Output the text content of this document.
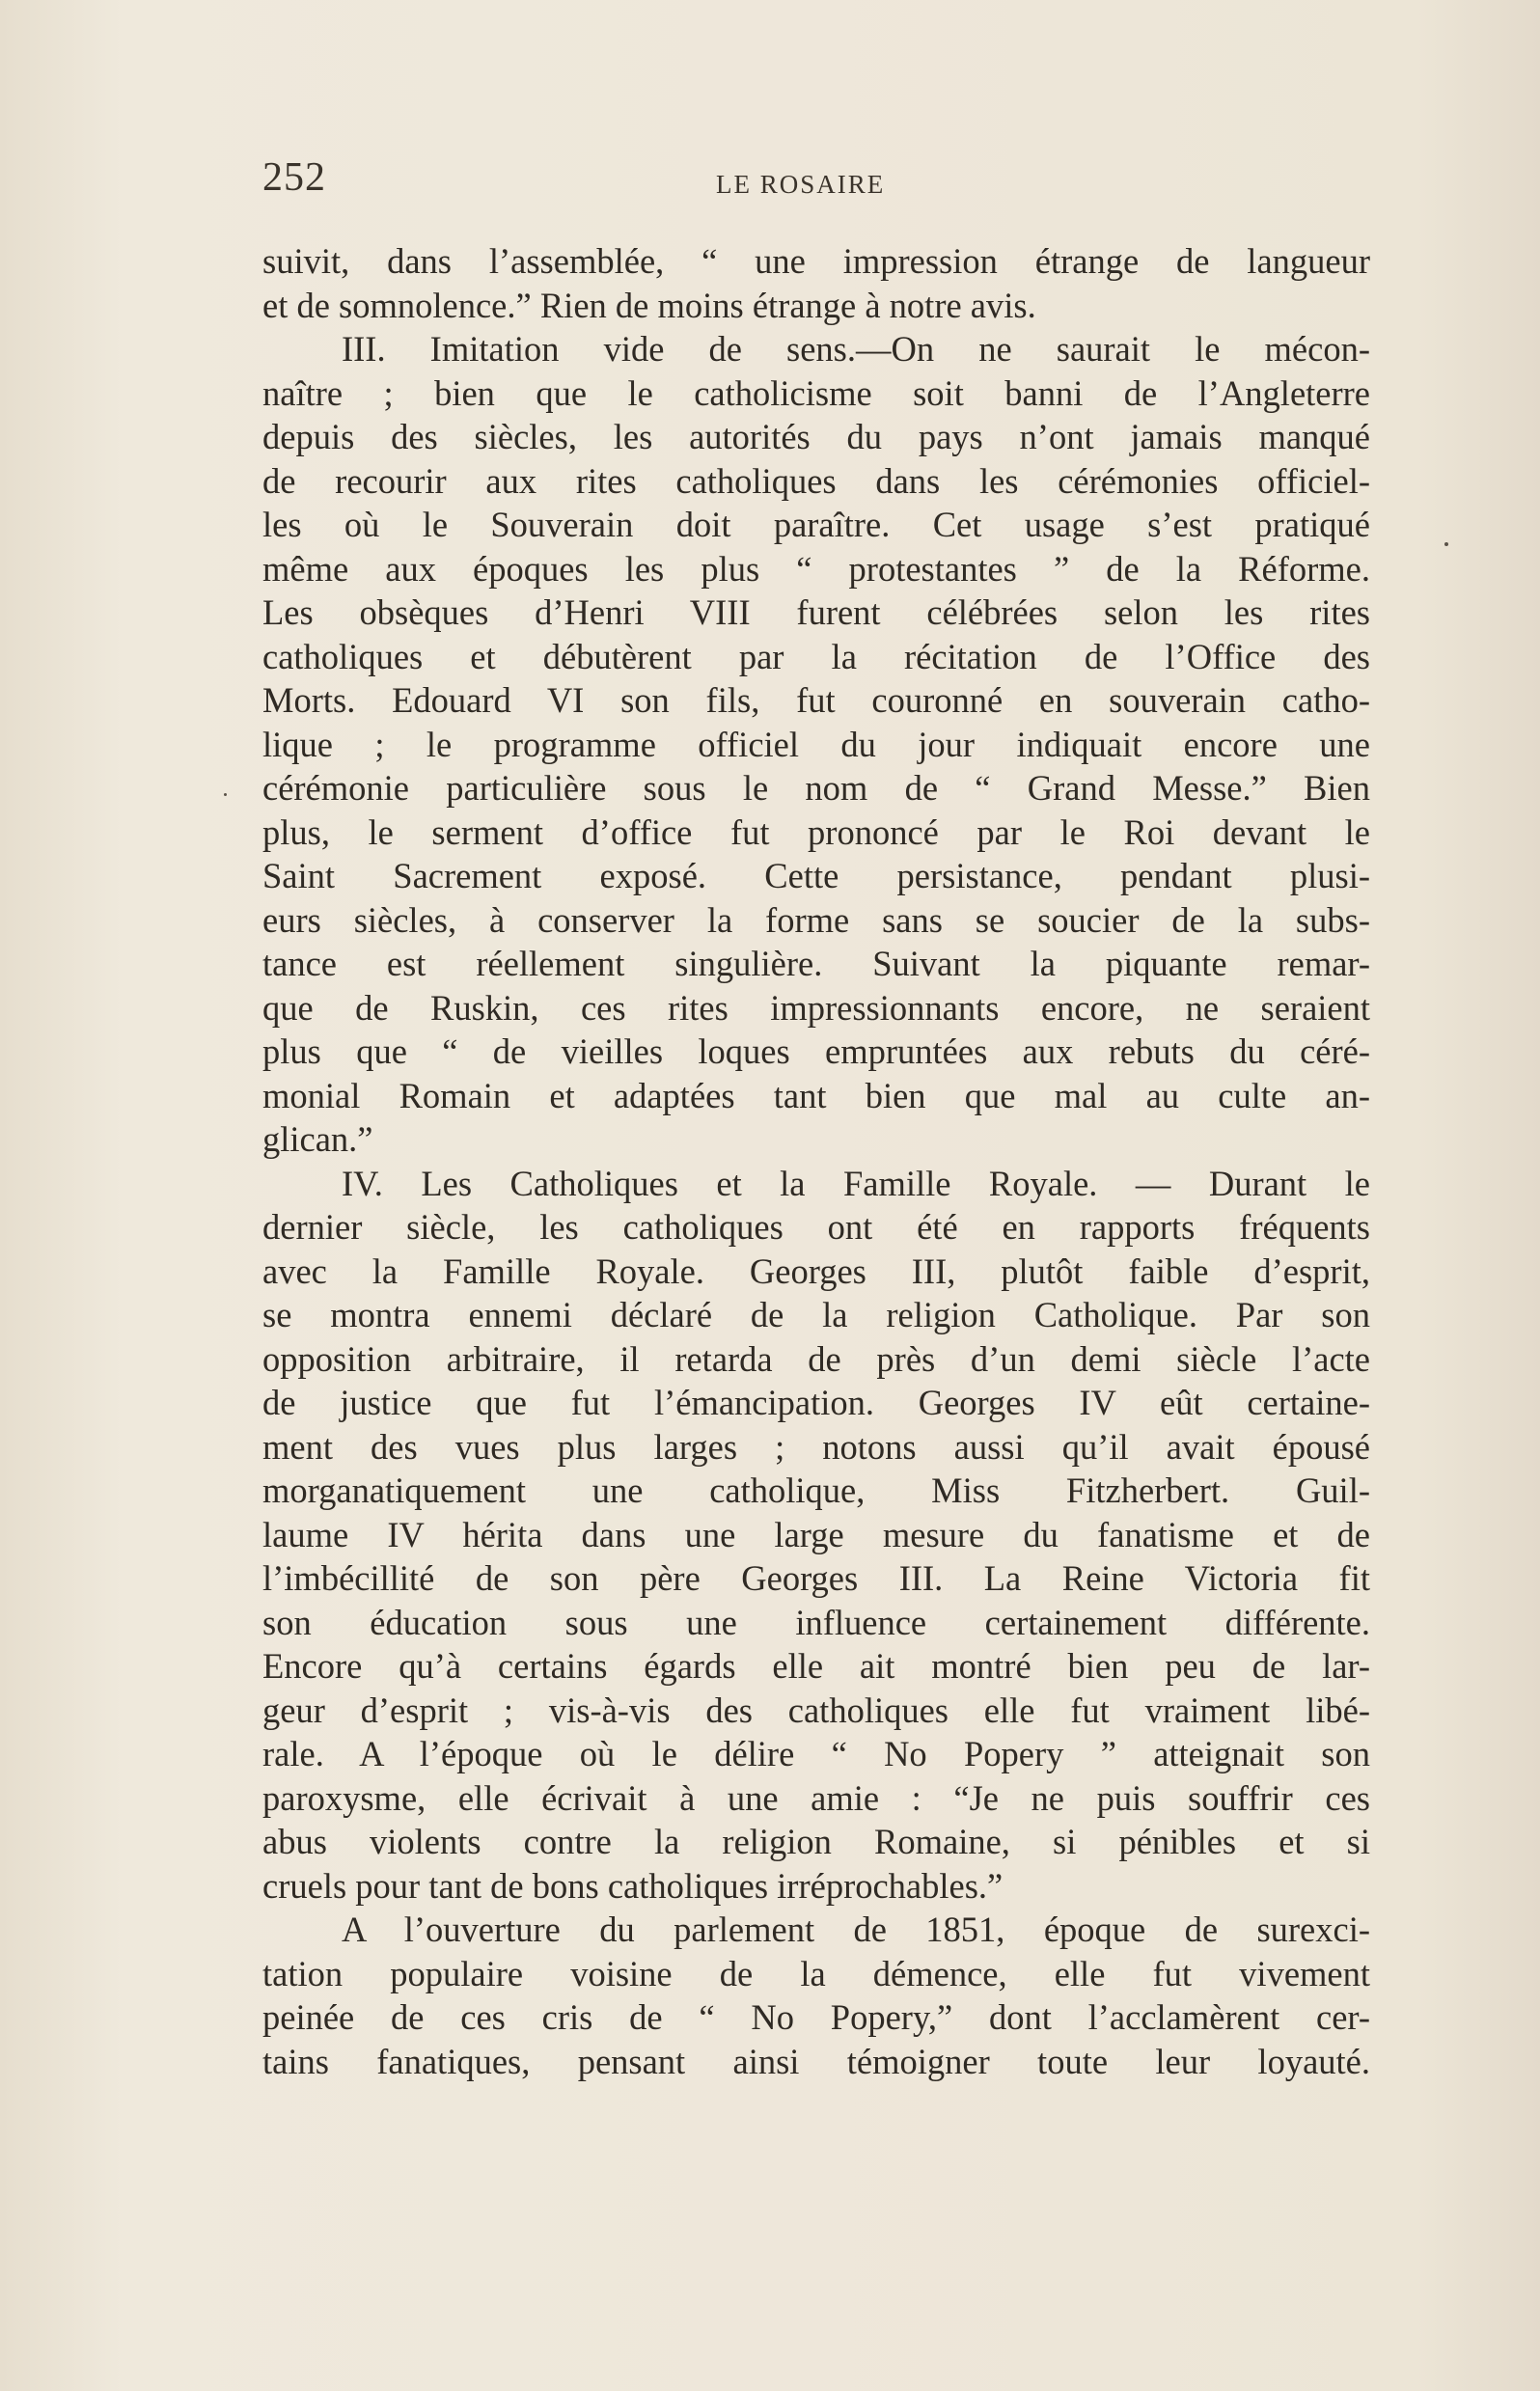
252	LE ROSAIRE
suivit, dans l’assemblée, “ une impression étrange de langueur
et de somnolence.” Rien de moins étrange à notre avis.
III. Imitation vide de sens.—On ne saurait le mécon-
naître ; bien que le catholicisme soit banni de l’Angleterre
depuis des siècles, les autorités du pays n’ont jamais manqué
de recourir aux rites catholiques dans les cérémonies officiel-
les où le Souverain doit paraître. Cet usage s’est pratiqué
même aux époques les plus “ protestantes ” de la Réforme.
Les obsèques d’Henri VIII furent célébrées selon les rites
catholiques et débutèrent par la récitation de l’Office des
Morts. Edouard VI son fils, fut couronné en souverain catho-
lique ; le programme officiel du jour indiquait encore une
cérémonie particulière sous le nom de “ Grand Messe.” Bien
plus, le serment d’office fut prononcé par le Roi devant le
Saint Sacrement exposé. Cette persistance, pendant plusi-
eurs siècles, à conserver la forme sans se soucier de la subs-
tance est réellement singulière. Suivant la piquante remar-
que de Ruskin, ces rites impressionnants encore, ne seraient
plus que “ de vieilles loques empruntées aux rebuts du céré-
monial Romain et adaptées tant bien que mal au culte an-
glican.”
IV. Les Catholiques et la Famille Royale. — Durant le
dernier siècle, les catholiques ont été en rapports fréquents
avec la Famille Royale. Georges III, plutôt faible d’esprit,
se montra ennemi déclaré de la religion Catholique. Par son
opposition arbitraire, il retarda de près d’un demi siècle l’acte
de justice que fut l’émancipation. Georges IV eût certaine-
ment des vues plus larges ; notons aussi qu’il avait épousé
morganatiquement une catholique, Miss Fitzherbert. Guil-
laume IV hérita dans une large mesure du fanatisme et de
l’imbécillité de son père Georges III. La Reine Victoria fit
son éducation sous une influence certainement différente.
Encore qu’à certains égards elle ait montré bien peu de lar-
geur d’esprit ; vis-à-vis des catholiques elle fut vraiment libé-
rale. A l’époque où le délire “ No Popery ” atteignait son
paroxysme, elle écrivait à une amie : “Je ne puis souffrir ces
abus violents contre la religion Romaine, si pénibles et si
cruels pour tant de bons catholiques irréprochables.”
A l’ouverture du parlement de 1851, époque de surexci-
tation populaire voisine de la démence, elle fut vivement
peinée de ces cris de “ No Popery,” dont l’acclamèrent cer-
tains fanatiques, pensant ainsi témoigner toute leur loyauté.
